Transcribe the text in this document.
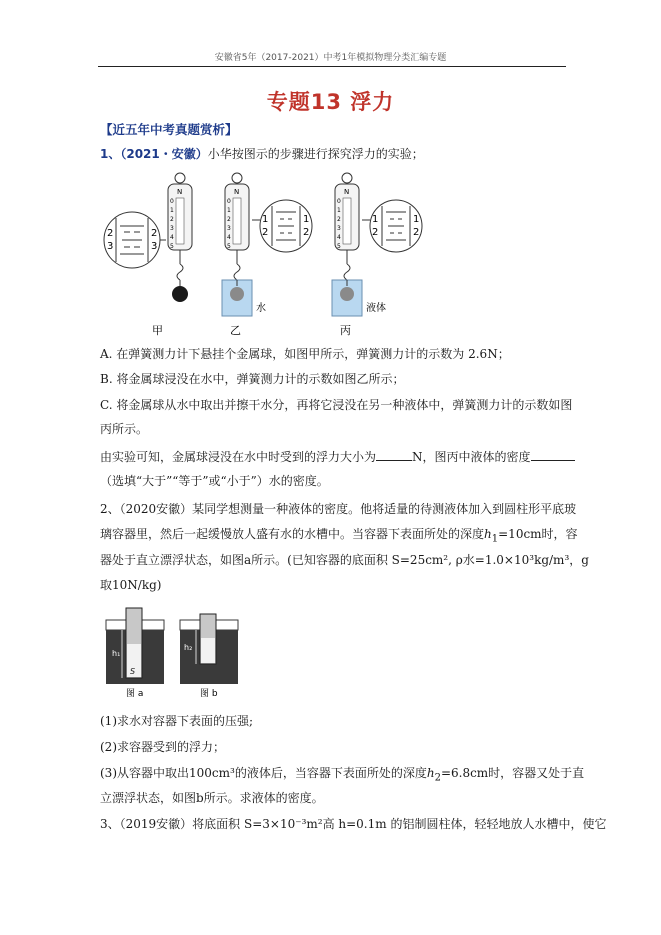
安徽省5年（2017-2021）中考1年模拟物理分类汇编专题
专题13 浮力
【近五年中考真题赏析】
1、（2021・安徽）小华按图示的步骤进行探究浮力的实验；
2
3
2
3
N
0
1
2
3
4
5
N
0
1
2
3
4
5
水
1
2
1
2
N
0
1
2
3
4
5
液体
1
2
1
2
甲	乙	丙
A. 在弹簧测力计下悬挂个金属球，如图甲所示，弹簧测力计的示数为 2.6N；
B. 将金属球浸没在水中，弹簧测力计的示数如图乙所示；
C. 将金属球从水中取出并擦干水分，再将它浸没在另一种液体中，弹簧测力计的示数如图
丙所示。
由实验可知，金属球浸没在水中时受到的浮力大小为	N，图丙中液体的密度
（选填“大于”“等于”或“小于”）水的密度。
2、（2020安徽）某同学想测量一种液体的密度。他将适量的待测液体加入到圆柱形平底玻
璃容器里，然后一起缓慢放人盛有水的水槽中。当容器下表面所处的深度$h_1=10cm$时，容
器处于直立漂浮状态，如图a所示。(已知容器的底面积 S=25cm², ρ水=1.0×10³kg/m³，g
取10N/kg)
h₁
S
图 a
h₂
图 b
(1)求水对容器下表面的压强;
(2)求容器受到的浮力；
(3)从容器中取出100cm³的液体后，当容器下表面所处的深度$h_2=6.8cm$时，容器又处于直
立漂浮状态，如图b所示。求液体的密度。
3、（2019安徽）将底面积 S=3×10⁻³m²高 h=0.1m 的铝制圆柱体，轻轻地放人水槽中，使它
